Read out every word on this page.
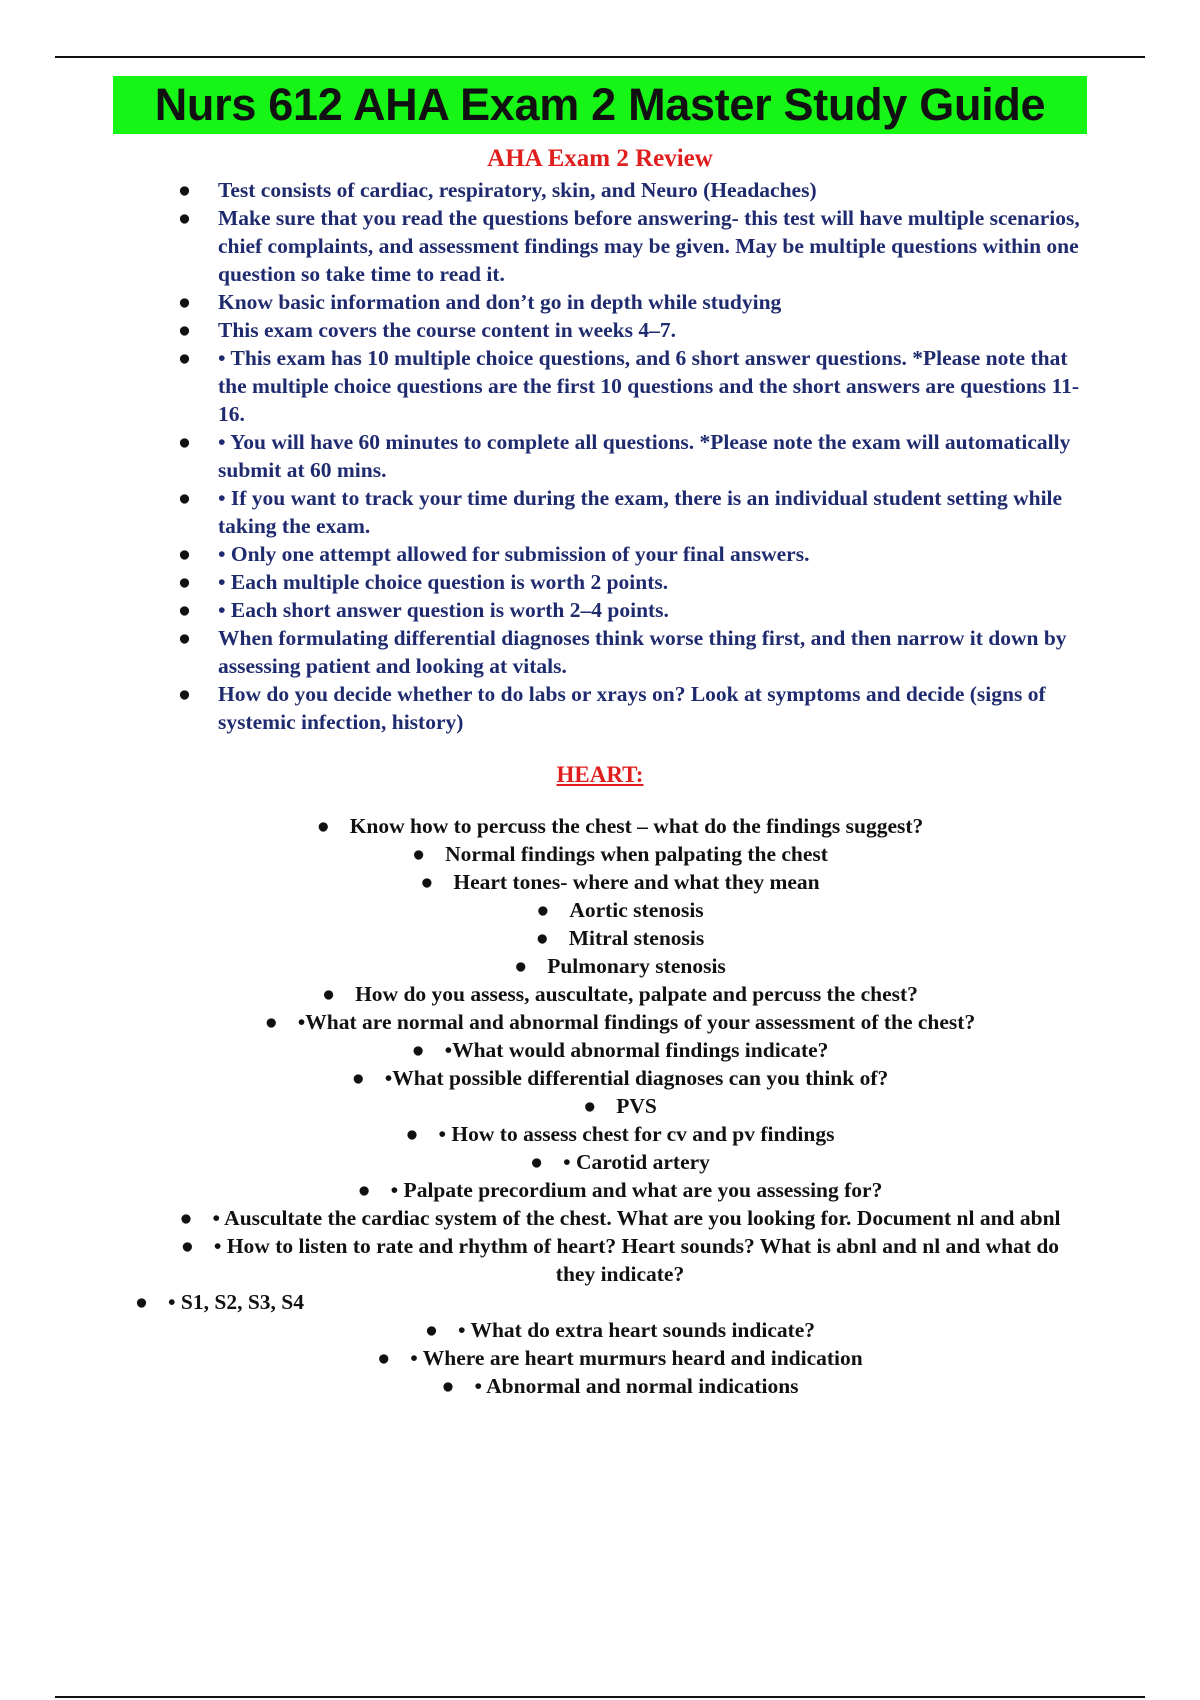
Nurs 612 AHA Exam 2 Master Study Guide
AHA Exam 2 Review
● Test consists of cardiac, respiratory, skin, and Neuro (Headaches)
● Make sure that you read the questions before answering- this test will have multiple scenarios, chief complaints, and assessment findings may be given. May be multiple questions within one question so take time to read it.
● Know basic information and don’t go in depth while studying
● This exam covers the course content in weeks 4–7.
● • This exam has 10 multiple choice questions, and 6 short answer questions. *Please note that the multiple choice questions are the first 10 questions and the short answers are questions 11-16.
● • You will have 60 minutes to complete all questions. *Please note the exam will automatically submit at 60 mins.
● • If you want to track your time during the exam, there is an individual student setting while taking the exam.
● • Only one attempt allowed for submission of your final answers.
● • Each multiple choice question is worth 2 points.
● • Each short answer question is worth 2–4 points.
● When formulating differential diagnoses think worse thing first, and then narrow it down by assessing patient and looking at vitals.
● How do you decide whether to do labs or xrays on? Look at symptoms and decide (signs of systemic infection, history)
HEART:
● Know how to percuss the chest – what do the findings suggest?
● Normal findings when palpating the chest
● Heart tones- where and what they mean
● Aortic stenosis
● Mitral stenosis
● Pulmonary stenosis
● How do you assess, auscultate, palpate and percuss the chest?
● •What are normal and abnormal findings of your assessment of the chest?
● •What would abnormal findings indicate?
● •What possible differential diagnoses can you think of?
● PVS
● • How to assess chest for cv and pv findings
● • Carotid artery
● • Palpate precordium and what are you assessing for?
● • Auscultate the cardiac system of the chest. What are you looking for. Document nl and abnl
● • How to listen to rate and rhythm of heart? Heart sounds? What is abnl and nl and what do they indicate?
● • S1, S2, S3, S4
● • What do extra heart sounds indicate?
● • Where are heart murmurs heard and indication
● • Abnormal and normal indications
